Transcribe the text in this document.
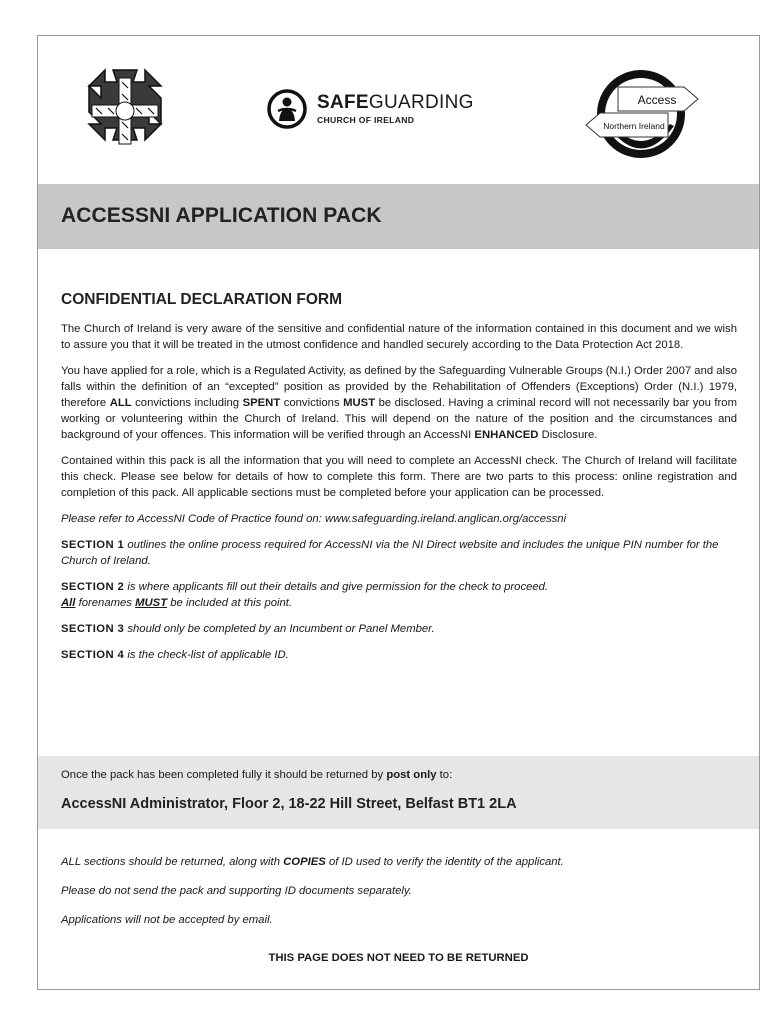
SAFEGUARDING
CHURCH OF IRELAND
Access
Northern Ireland
ACCESSNI APPLICATION PACK
CONFIDENTIAL DECLARATION FORM

The Church of Ireland is very aware of the sensitive and confidential nature of the information contained in this document and we wish to assure you that it will be treated in the utmost confidence and handled securely according to the Data Protection Act 2018.

You have applied for a role, which is a Regulated Activity, as defined by the Safeguarding Vulnerable Groups (N.I.) Order 2007 and also falls within the definition of an “excepted” position as provided by the Rehabilitation of Offenders (Exceptions) Order (N.I.) 1979, therefore ALL convictions including SPENT convictions MUST be disclosed. Having a criminal record will not necessarily bar you from working or volunteering within the Church of Ireland. This will depend on the nature of the position and the circumstances and background of your offences. This information will be verified through an AccessNI ENHANCED Disclosure.

Contained within this pack is all the information that you will need to complete an AccessNI check. The Church of Ireland will facilitate this check. Please see below for details of how to complete this form. There are two parts to this process: online registration and completion of this pack. All applicable sections must be completed before your application can be processed.

Please refer to AccessNI Code of Practice found on: www.safeguarding.ireland.anglican.org/accessni

SECTION 1 outlines the online process required for AccessNI via the NI Direct website and includes the unique PIN number for the Church of Ireland.

SECTION 2 is where applicants fill out their details and give permission for the check to proceed.
All forenames MUST be included at this point.

SECTION 3 should only be completed by an Incumbent or Panel Member.

SECTION 4 is the check-list of applicable ID.

Once the pack has been completed fully it should be returned by post only to:
AccessNI Administrator, Floor 2, 18-22 Hill Street, Belfast BT1 2LA

ALL sections should be returned, along with COPIES of ID used to verify the identity of the applicant.

Please do not send the pack and supporting ID documents separately.

Applications will not be accepted by email.

THIS PAGE DOES NOT NEED TO BE RETURNED
